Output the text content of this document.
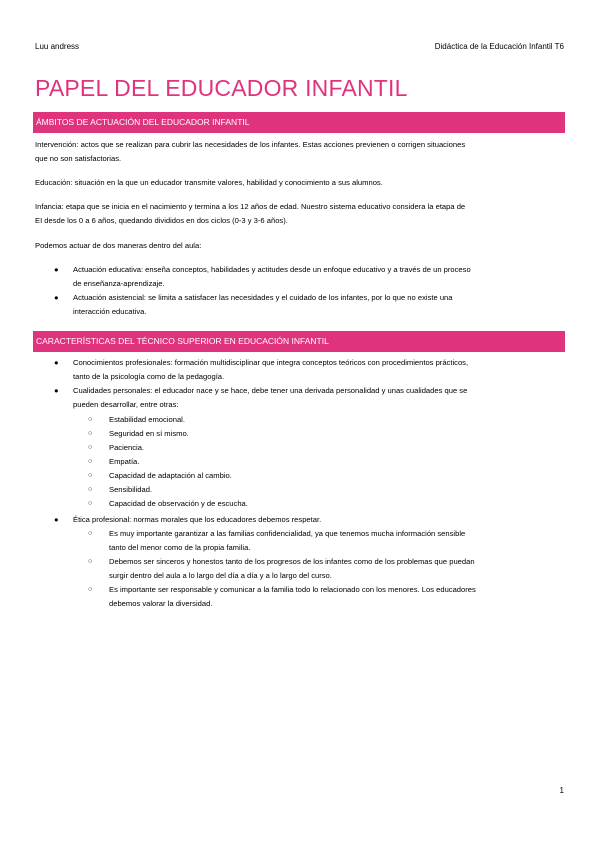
Luu andress	Didáctica de la Educación Infantil T6
PAPEL DEL EDUCADOR INFANTIL
ÁMBITOS DE ACTUACIÓN DEL EDUCADOR INFANTIL
Intervención: actos que se realizan para cubrir las necesidades de los infantes. Estas acciones previenen o corrigen situaciones
que no son satisfactorias.
Educación: situación en la que un educador transmite valores, habilidad y conocimiento a sus alumnos.
Infancia: etapa que se inicia en el nacimiento y termina a los 12 años de edad. Nuestro sistema educativo considera la etapa de
EI desde los 0 a 6 años, quedando divididos en dos ciclos (0-3 y 3-6 años).
Podemos actuar de dos maneras dentro del aula:
● Actuación educativa: enseña conceptos, habilidades y actitudes desde un enfoque educativo y a través de un proceso
de enseñanza-aprendizaje.
● Actuación asistencial: se limita a satisfacer las necesidades y el cuidado de los infantes, por lo que no existe una
interacción educativa.
CARACTERÍSTICAS DEL TÉCNICO SUPERIOR EN EDUCACIÓN INFANTIL
● Conocimientos profesionales: formación multidisciplinar que integra conceptos teóricos con procedimientos prácticos,
tanto de la psicología como de la pedagogía.
● Cualidades personales: el educador nace y se hace, debe tener una derivada personalidad y unas cualidades que se
pueden desarrollar, entre otras:
○ Estabilidad emocional.
○ Seguridad en sí mismo.
○ Paciencia.
○ Empatía.
○ Capacidad de adaptación al cambio.
○ Sensibilidad.
○ Capacidad de observación y de escucha.
● Ética profesional: normas morales que los educadores debemos respetar.
○ Es muy importante garantizar a las familias confidencialidad, ya que tenemos mucha información sensible
tanto del menor como de la propia familia.
○ Debemos ser sinceros y honestos tanto de los progresos de los infantes como de los problemas que puedan
surgir dentro del aula a lo largo del día a día y a lo largo del curso.
○ Es importante ser responsable y comunicar a la familia todo lo relacionado con los menores. Los educadores
debemos valorar la diversidad.
1
